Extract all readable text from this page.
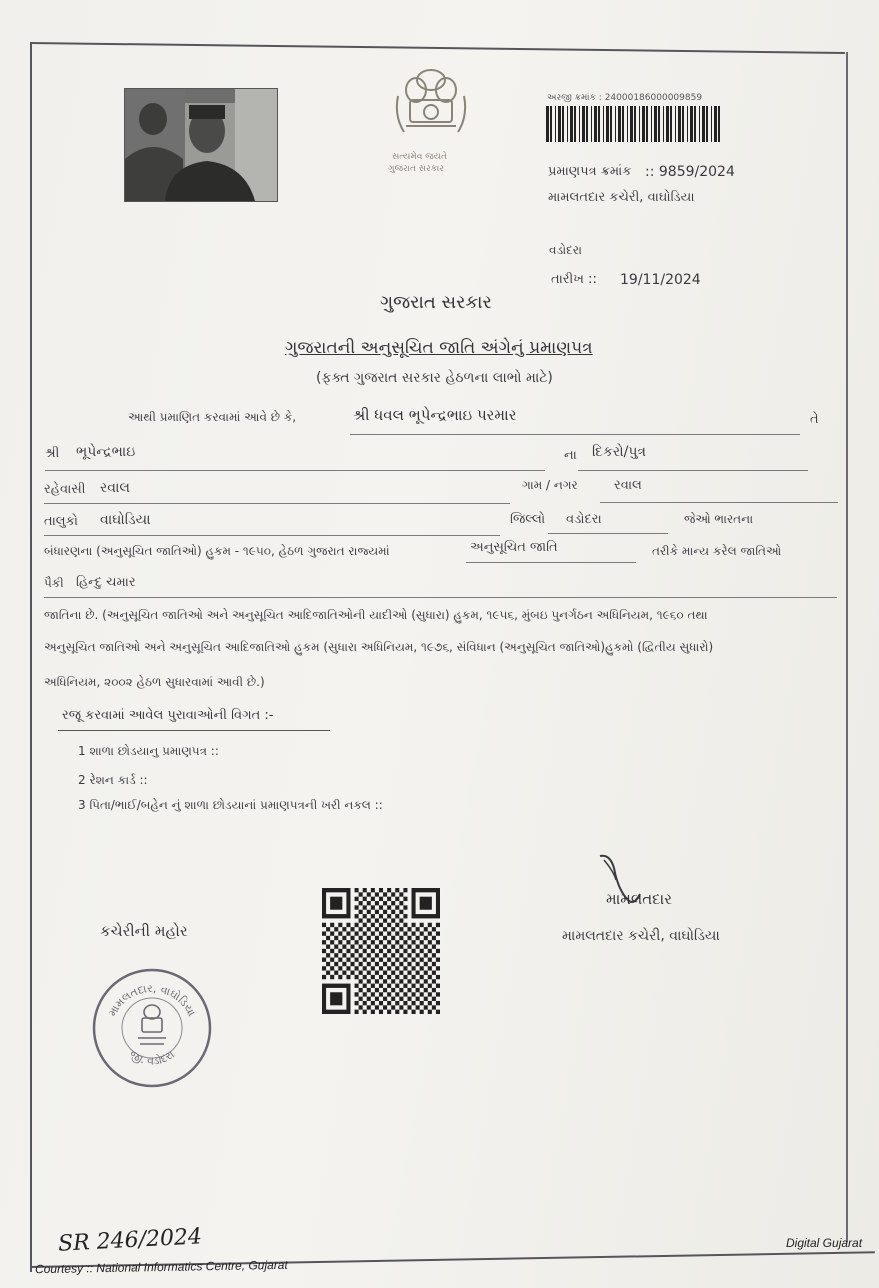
સત્યમેવ જયતે
ગુજરાત સરકાર
અરજી ક્રમાંક : 24000186000009859
પ્રમાણપત્ર ક્રમાંક :: 9859/2024
મામલતદાર કચેરી, વાઘોડિયા
વડોદરા
તારીખ :: 19/11/2024
ગુજરાત સરકાર
ગુજરાતની અનુસૂચિત જાતિ અંગેનું પ્રમાણપત્ર
(ફક્ત ગુજરાત સરકાર હેઠળના લાભો માટે)
આથી પ્રમાણિત કરવામાં આવે છે કે,	શ્રી ધવલ ભૂપેન્દ્રભાઇ પરમાર	તે
શ્રી ભૂપેન્દ્રભાઇ	ના દિકરો/પુત્ર
રહેવાસી રવાલ	ગામ / નગર	રવાલ
તાલુકો વાઘોડિયા	જિલ્લો વડોદરા	જેઓ ભારતના
બંધારણના (અનુસૂચિત જાતિઓ) હુકમ - ૧૯૫૦, હેઠળ ગુજરાત રાજ્યમાં	અનુસૂચિત જાતિ	તરીકે માન્ય કરેલ જાતિઓ
પૈકી હિન્દુ ચમાર
જાતિના છે. (અનુસૂચિત જાતિઓ અને અનુસૂચિત આદિજાતિઓની યાદીઓ (સુધારા) હુકમ, ૧૯૫૬, મુંબઇ પુનર્ગઠન અધિનિયમ, ૧૯૬૦ તથા
અનુસૂચિત જાતિઓ અને અનુસૂચિત આદિજાતિઓ હુકમ (સુધારા અધિનિયમ, ૧૯૭૬, સંવિધાન (અનુસૂચિત જાતિઓ)હુકમો (દ્વિતીય સુધારો)
અધિનિયમ, ૨૦૦૨ હેઠળ સુધારવામાં આવી છે.)
રજૂ કરવામાં આવેલ પુરાવાઓની વિગત :-
1 શાળા છોડયાનુ પ્રમાણપત્ર ::
2 રેશન કાર્ડ ::
3 પિતા/ભાઈ/બહેન નું શાળા છોડયાનાં પ્રમાણપત્રની ખરી નકલ ::
કચેરીની મહોર
મામલતદાર
મામલતદાર કચેરી, વાઘોડિયા
મામલતદાર, વાઘોડિયા
જી. વડોદરા
SR 246/2024
Courtesy :: National Informatics Centre, Gujarat
Digital Gujarat
